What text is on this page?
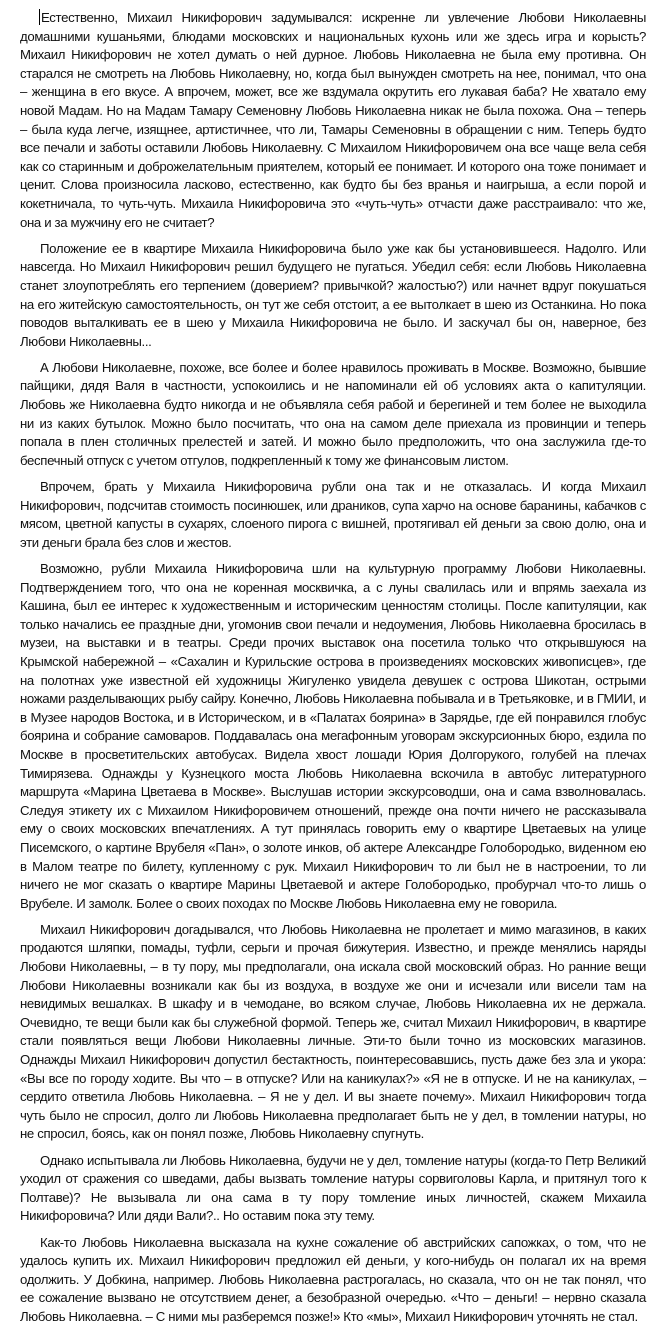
Естественно, Михаил Никифорович задумывался: искренне ли увлечение Любови Николаевны домашними кушаньями, блюдами московских и национальных кухонь или же здесь игра и корысть? Михаил Никифорович не хотел думать о ней дурное. Любовь Николаевна не была ему противна. Он старался не смотреть на Любовь Николаевну, но, когда был вынужден смотреть на нее, понимал, что она – женщина в его вкусе. А впрочем, может, все же вздумала окрутить его лукавая баба? Не хватало ему новой Мадам. Но на Мадам Тамару Семеновну Любовь Николаевна никак не была похожа. Она – теперь – была куда легче, изящнее, артистичнее, что ли, Тамары Семеновны в обращении с ним. Теперь будто все печали и заботы оставили Любовь Николаевну. С Михаилом Никифоровичем она все чаще вела себя как со старинным и доброжелательным приятелем, который ее понимает. И которого она тоже понимает и ценит. Слова произносила ласково, естественно, как будто бы без вранья и наигрыша, а если порой и кокетничала, то чуть-чуть. Михаила Никифоровича это «чуть-чуть» отчасти даже расстраивало: что же, она и за мужчину его не считает?

Положение ее в квартире Михаила Никифоровича было уже как бы установившееся. Надолго. Или навсегда. Но Михаил Никифорович решил будущего не пугаться. Убедил себя: если Любовь Николаевна станет злоупотреблять его терпением (доверием? привычкой? жалостью?) или начнет вдруг покушаться на его житейскую самостоятельность, он тут же себя отстоит, а ее вытолкает в шею из Останкина. Но пока поводов выталкивать ее в шею у Михаила Никифоровича не было. И заскучал бы он, наверное, без Любови Николаевны...

А Любови Николаевне, похоже, все более и более нравилось проживать в Москве. Возможно, бывшие пайщики, дядя Валя в частности, успокоились и не напоминали ей об условиях акта о капитуляции. Любовь же Николаевна будто никогда и не объявляла себя рабой и берегиней и тем более не выходила ни из каких бутылок. Можно было посчитать, что она на самом деле приехала из провинции и теперь попала в плен столичных прелестей и затей. И можно было предположить, что она заслужила где-то беспечный отпуск с учетом отгулов, подкрепленный к тому же финансовым листом.

Впрочем, брать у Михаила Никифоровича рубли она так и не отказалась. И когда Михаил Никифорович, подсчитав стоимость посинюшек, или драников, супа харчо на основе баранины, кабачков с мясом, цветной капусты в сухарях, слоеного пирога с вишней, протягивал ей деньги за свою долю, она и эти деньги брала без слов и жестов.

Возможно, рубли Михаила Никифоровича шли на культурную программу Любови Николаевны. Подтверждением того, что она не коренная москвичка, а с луны свалилась или и впрямь заехала из Кашина, был ее интерес к художественным и историческим ценностям столицы. После капитуляции, как только начались ее праздные дни, угомонив свои печали и недоумения, Любовь Николаевна бросилась в музеи, на выставки и в театры. Среди прочих выставок она посетила только что открывшуюся на Крымской набережной – «Сахалин и Курильские острова в произведениях московских живописцев», где на полотнах уже известной ей художницы Жигуленко увидела девушек с острова Шикотан, острыми ножами разделывающих рыбу сайру. Конечно, Любовь Николаевна побывала и в Третьяковке, и в ГМИИ, и в Музее народов Востока, и в Историческом, и в «Палатах боярина» в Зарядье, где ей понравился глобус боярина и собрание самоваров. Поддавалась она мегафонным уговорам экскурсионных бюро, ездила по Москве в просветительских автобусах. Видела хвост лошади Юрия Долгорукого, голубей на плечах Тимирязева. Однажды у Кузнецкого моста Любовь Николаевна вскочила в автобус литературного маршрута «Марина Цветаева в Москве». Выслушав истории экскурсоводши, она и сама взволновалась. Следуя этикету их с Михаилом Никифоровичем отношений, прежде она почти ничего не рассказывала ему о своих московских впечатлениях. А тут принялась говорить ему о квартире Цветаевых на улице Писемского, о картине Врубеля «Пан», о золоте инков, об актере Александре Голобородько, виденном ею в Малом театре по билету, купленному с рук. Михаил Никифорович то ли был не в настроении, то ли ничего не мог сказать о квартире Марины Цветаевой и актере Голобородько, пробурчал что-то лишь о Врубеле. И замолк. Более о своих походах по Москве Любовь Николаевна ему не говорила.

Михаил Никифорович догадывался, что Любовь Николаевна не пролетает и мимо магазинов, в каких продаются шляпки, помады, туфли, серьги и прочая бижутерия. Известно, и прежде менялись наряды Любови Николаевны, – в ту пору, мы предполагали, она искала свой московский образ. Но ранние вещи Любови Николаевны возникали как бы из воздуха, в воздухе же они и исчезали или висели там на невидимых вешалках. В шкафу и в чемодане, во всяком случае, Любовь Николаевна их не держала. Очевидно, те вещи были как бы служебной формой. Теперь же, считал Михаил Никифорович, в квартире стали появляться вещи Любови Николаевны личные. Эти-то были точно из московских магазинов. Однажды Михаил Никифорович допустил бестактность, поинтересовавшись, пусть даже без зла и укора: «Вы все по городу ходите. Вы что – в отпуске? Или на каникулах?» «Я не в отпуске. И не на каникулах, – сердито ответила Любовь Николаевна. – Я не у дел. И вы знаете почему». Михаил Никифорович тогда чуть было не спросил, долго ли Любовь Николаевна предполагает быть не у дел, в томлении натуры, но не спросил, боясь, как он понял позже, Любовь Николаевну спугнуть.

Однако испытывала ли Любовь Николаевна, будучи не у дел, томление натуры (когда-то Петр Великий уходил от сражения со шведами, дабы вызвать томление натуры сорвиголовы Карла, и притянул того к Полтаве)? Не вызывала ли она сама в ту пору томление иных личностей, скажем Михаила Никифоровича? Или дяди Вали?.. Но оставим пока эту тему.

Как-то Любовь Николаевна высказала на кухне сожаление об австрийских сапожках, о том, что не удалось купить их. Михаил Никифорович предложил ей деньги, у кого-нибудь он полагал их на время одолжить. У Добкина, например. Любовь Николаевна растрогалась, но сказала, что он не так понял, что ее сожаление вызвано не отсутствием денег, а безобразной очередью. «Что – деньги! – нервно сказала Любовь Николаевна. – С ними мы разберемся позже!» Кто «мы», Михаил Никифорович уточнять не стал.
